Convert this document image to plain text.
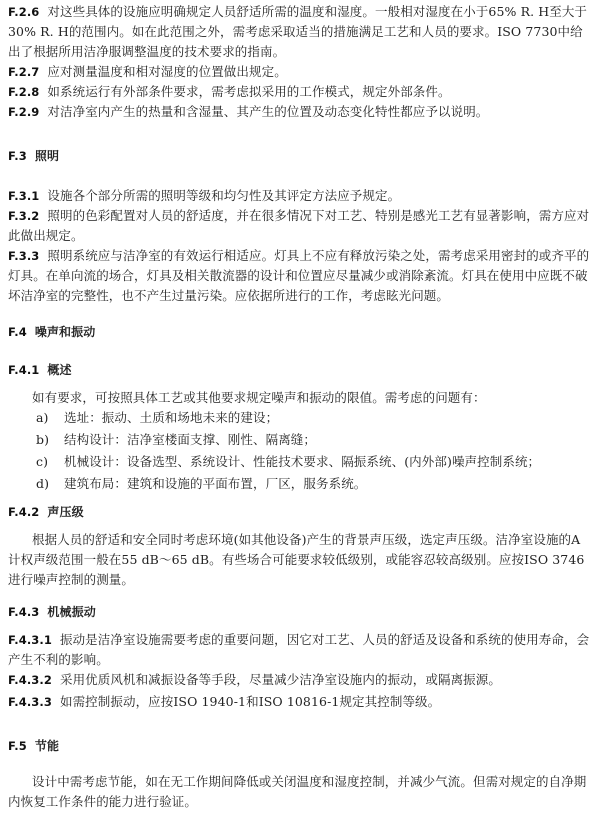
F.2.6 对这些具体的设施应明确规定人员舒适所需的温度和湿度。一般相对湿度在小于65% R. H至大于30% R. H的范围内。如在此范围之外，需考虑采取适当的措施满足工艺和人员的要求。ISO 7730中给出了根据所用洁净服调整温度的技术要求的指南。
F.2.7 应对测量温度和相对湿度的位置做出规定。
F.2.8 如系统运行有外部条件要求，需考虑拟采用的工作模式，规定外部条件。
F.2.9 对洁净室内产生的热量和含湿量、其产生的位置及动态变化特性都应予以说明。
F.3 照明
F.3.1 设施各个部分所需的照明等级和均匀性及其评定方法应予规定。
F.3.2 照明的色彩配置对人员的舒适度，并在很多情况下对工艺、特别是感光工艺有显著影响，需方应对此做出规定。
F.3.3 照明系统应与洁净室的有效运行相适应。灯具上不应有释放污染之处，需考虑采用密封的或齐平的灯具。在单向流的场合，灯具及相关散流器的设计和位置应尽量减少或消除紊流。灯具在使用中应既不破坏洁净室的完整性，也不产生过量污染。应依据所进行的工作，考虑眩光问题。
F.4 噪声和振动
F.4.1 概述
如有要求，可按照具体工艺或其他要求规定噪声和振动的限值。需考虑的问题有：
a) 选址：振动、土质和场地未来的建设；
b) 结构设计：洁净室楼面支撑、刚性、隔离缝；
c) 机械设计：设备选型、系统设计、性能技术要求、隔振系统、(内外部)噪声控制系统；
d) 建筑布局：建筑和设施的平面布置，厂区，服务系统。
F.4.2 声压级
根据人员的舒适和安全同时考虑环境(如其他设备)产生的背景声压级，选定声压级。洁净室设施的A计权声级范围一般在55 dB～65 dB。有些场合可能要求较低级别，或能容忍较高级别。应按ISO 3746进行噪声控制的测量。
F.4.3 机械振动
F.4.3.1 振动是洁净室设施需要考虑的重要问题，因它对工艺、人员的舒适及设备和系统的使用寿命，会产生不利的影响。
F.4.3.2 采用优质风机和减振设备等手段，尽量减少洁净室设施内的振动，或隔离振源。
F.4.3.3 如需控制振动，应按ISO 1940-1和ISO 10816-1规定其控制等级。
F.5 节能
设计中需考虑节能，如在无工作期间降低或关闭温度和湿度控制，并减少气流。但需对规定的自净期内恢复工作条件的能力进行验证。
